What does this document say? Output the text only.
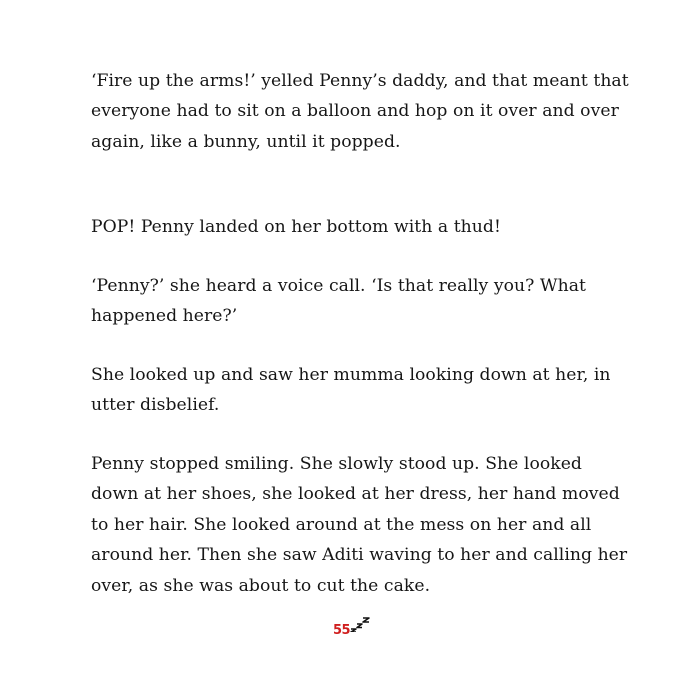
‘Fire up the arms!’ yelled Penny’s daddy, and that meant that everyone had to sit on a balloon and hop on it over and over again, like a bunny, until it popped.

POP! Penny landed on her bottom with a thud!

‘Penny?’ she heard a voice call. ‘Is that really you? What happened here?’

She looked up and saw her mumma looking down at her, in utter disbelief.

Penny stopped smiling. She slowly stood up. She looked down at her shoes, she looked at her dress, her hand moved to her hair. She looked around at the mess on her and all around her. Then she saw Aditi waving to her and calling her over, as she was about to cut the cake.

55
